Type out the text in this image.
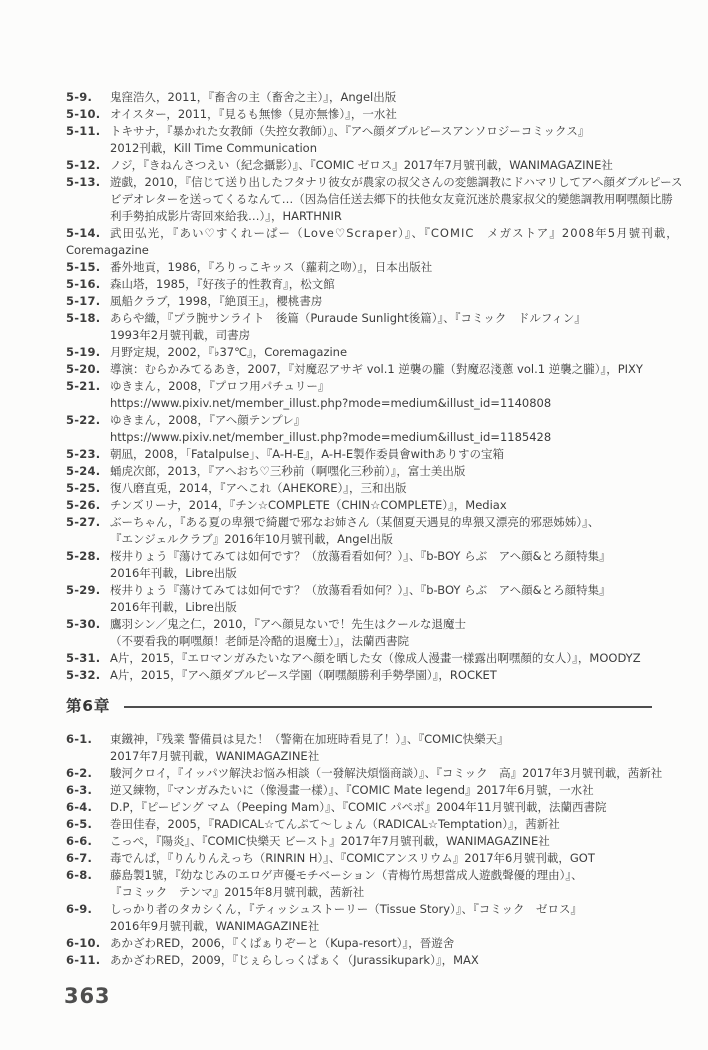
5-9.	鬼窪浩久，2011，『畜舎の主（畜舍之主）』，Angel出版
5-10. オイスター，2011，『見るも無惨（見亦無慘）』，一水社
5-11. トキサナ，『暴かれた女教師（失控女教師）』、『アヘ顔ダブルピースアンソロジーコミックス』
2012刊載，Kill Time Communication
5-12. ノジ，『きねんさつえい（紀念攝影）』、『COMIC ゼロス』2017年7月號刊載，WANIMAGAZINE社
5-13. 遊戯，2010，『信じて送り出したフタナリ彼女が農家の叔父さんの変態調教にドハマリしてアヘ顔ダブルピース
ビデオレターを送ってくるなんて…（因為信任送去鄉下的扶他女友竟沉迷於農家叔父的變態調教用啊嘿顏比勝
利手勢拍成影片寄回來給我…）』，HARTHNIR
5-14. 武田弘光，『あい♡すくれーぱー（Love♡Scraper）』、『COMIC　メガストア』2008年5月號刊載，
Coremagazine
5-15. 番外地貢，1986，『ろりっこキッス（蘿莉之吻）』，日本出版社
5-16. 森山塔，1985，『好孩子的性教育』，松文館
5-17. 風船クラブ，1998，『絶頂王』，櫻桃書房
5-18. あらや織，『プラ腕サンライト　後篇（Puraude Sunlight後篇）』、『コミック　ドルフィン』
1993年2月號刊載，司書房
5-19. 月野定規，2002，『♭37℃』，Coremagazine
5-20. 導演：むらかみてるあき，2007，『対魔忍アサギ vol.1 逆襲の朧（對魔忍淺蔥 vol.1 逆襲之朧）』，PIXY
5-21. ゆきまん，2008，『プロフ用パチュリー』
https://www.pixiv.net/member_illust.php?mode=medium&illust_id=1140808
5-22. ゆきまん，2008，『アヘ顔テンプレ』
https://www.pixiv.net/member_illust.php?mode=medium&illust_id=1185428
5-23. 朝凪，2008，「Fatalpulse」、『A-H-E』，A-H-E製作委員會withありすの宝箱
5-24. 蛹虎次郎，2013，『アヘおち♡三秒前（啊嘿化三秒前）』，富士美出版
5-25. 復八磨直兎，2014，『アヘこれ（AHEKORE）』，三和出版
5-26. チンズリーナ，2014，『チン☆COMPLETE（CHIN☆COMPLETE）』，Mediax
5-27. ぶーちゃん，『ある夏の卑猥で綺麗で邪なお姉さん（某個夏天遇見的卑猥又漂亮的邪惡姊姊）』、
『エンジェルクラブ』2016年10月號刊載，Angel出版
5-28. 桜井りょう『蕩けてみては如何です？（放蕩看看如何？）』、『b-BOY らぶ　アヘ顔&とろ顔特集』
2016年刊載，Libre出版
5-29. 桜井りょう『蕩けてみては如何です？（放蕩看看如何？）』、『b-BOY らぶ　アヘ顔&とろ顔特集』
2016年刊載，Libre出版
5-30. 鷹羽シン／鬼之仁，2010，『アヘ顔見ないで！先生はクールな退魔士
（不要看我的啊嘿顏！老師是冷酷的退魔士）』，法蘭西書院
5-31. A片，2015，『エロマンガみたいなアヘ顔を晒した女（像成人漫畫一樣露出啊嘿顏的女人）』，MOODYZ
5-32. A片，2015，『アヘ顔ダブルピース学園（啊嘿顏勝利手勢學園）』，ROCKET
第6章
6-1.	東鐵神，『残業 警備員は見た！（警衛在加班時看見了！）』、『COMIC快樂天』
2017年7月號刊載，WANIMAGAZINE社
6-2.	駿河クロイ，『イッパツ解決お悩み相談（一發解決煩惱商談）』、『コミック　高』2017年3月號刊載，茜新社
6-3.	逆又練物，『マンガみたいに（像漫畫一樣）』、『COMIC Mate legend』2017年6月號，一水社
6-4.	D.P，『ピーピング マム（Peeping Mam）』、『COMIC パペポ』2004年11月號刊載，法蘭西書院
6-5.	巻田佳春，2005，『RADICAL☆てんぷて〜しょん（RADICAL☆Temptation）』，茜新社
6-6.	こっぺ，『陽炎』、『COMIC快樂天 ビースト』2017年7月號刊載，WANIMAGAZINE社
6-7.	毒でんぱ，『りんりんえっち（RINRIN H）』、『COMICアンスリウム』2017年6月號刊載，GOT
6-8.	藤島製1號，『幼なじみのエロゲ声優モチベーション（青梅竹馬想當成人遊戲聲優的理由）』、
『コミック　テンマ』2015年8月號刊載，茜新社
6-9.	しっかり者のタカシくん，『ティッシュストーリー（Tissue Story）』、『コミック　ゼロス』
2016年9月號刊載，WANIMAGAZINE社
6-10. あかざわRED，2006，『くぱぁりぞーと（Kupa-resort）』，晉遊舍
6-11. あかざわRED，2009，『じぇらしっくぱぁく（Jurassikupark）』，MAX
363
